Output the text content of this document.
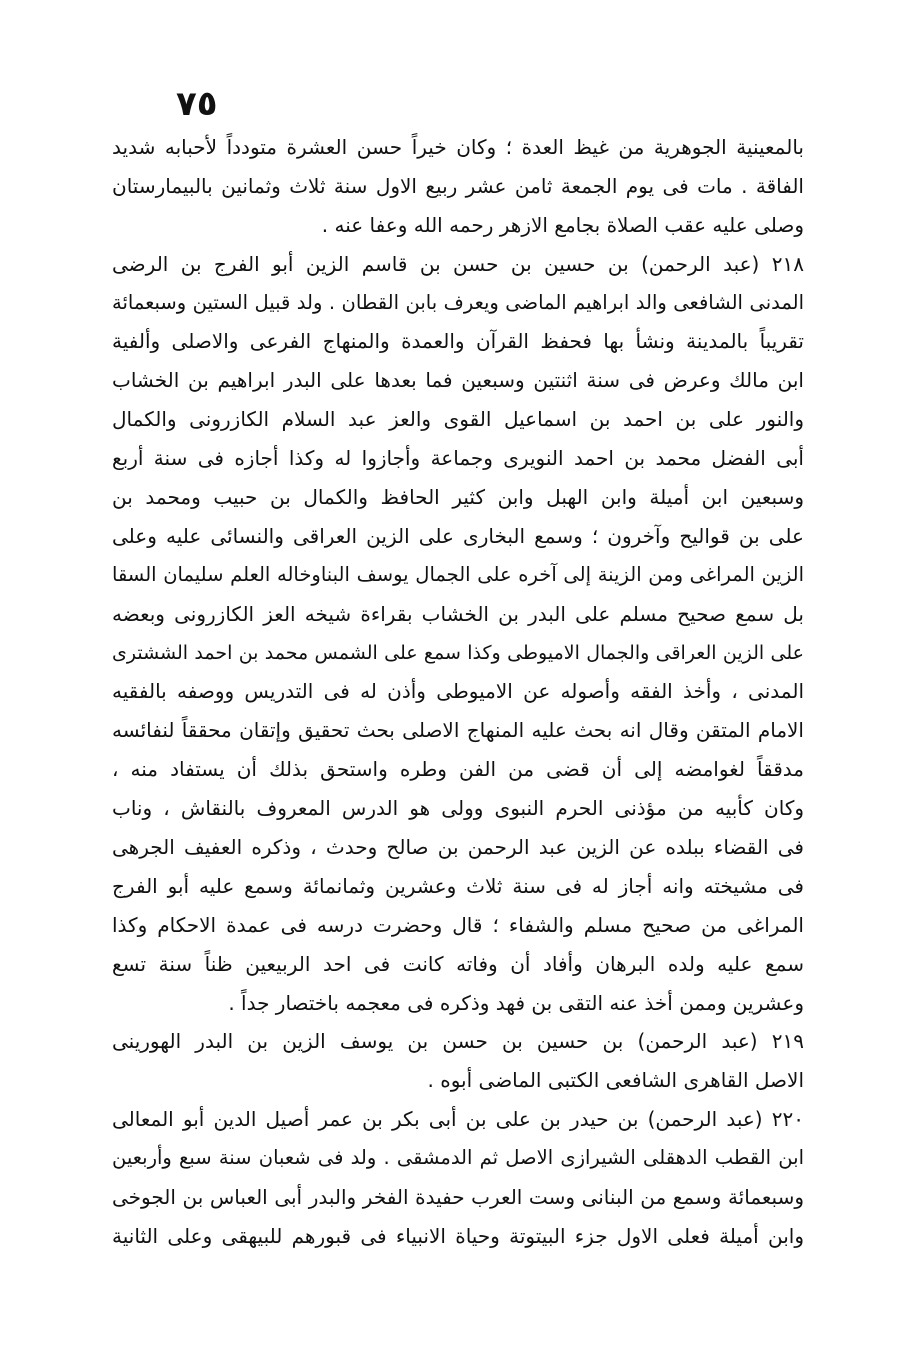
٧٥
بالمعينية الجوهرية من غيظ العدة ؛ وكان خيراً حسن العشرة متودداً لأحبابه شديد
الفاقة . مات فى يوم الجمعة ثامن عشر ربيع الاول سنة ثلاث وثمانين بالبيمارستان
وصلى عليه عقب الصلاة بجامع الازهر رحمه الله وعفا عنه .
٢١٨ (عبد الرحمن) بن حسين بن حسن بن قاسم الزين أبو الفرج بن الرضى
المدنى الشافعى والد ابراهيم الماضى ويعرف بابن القطان . ولد قبيل الستين وسبعمائة
تقريباً بالمدينة ونشأ بها فحفظ القرآن والعمدة والمنهاج الفرعى والاصلى وألفية
ابن مالك وعرض فى سنة اثنتين وسبعين فما بعدها على البدر ابراهيم بن الخشاب
والنور على بن احمد بن اسماعيل القوى والعز عبد السلام الكازرونى والكمال
أبى الفضل محمد بن احمد النويرى وجماعة وأجازوا له وكذا أجازه فى سنة أربع
وسبعين ابن أميلة وابن الهبل وابن كثير الحافظ والكمال بن حبيب ومحمد بن
على بن قواليح وآخرون ؛ وسمع البخارى على الزين العراقى والنسائى عليه وعلى
الزين المراغى ومن الزينة إلى آخره على الجمال يوسف البناوخاله العلم سليمان السقا
بل سمع صحيح مسلم على البدر بن الخشاب بقراءة شيخه العز الكازرونى وبعضه
على الزين العراقى والجمال الاميوطى وكذا سمع على الشمس محمد بن احمد الششترى
المدنى ، وأخذ الفقه وأصوله عن الاميوطى وأذن له فى التدريس ووصفه بالفقيه
الامام المتقن وقال انه بحث عليه المنهاج الاصلى بحث تحقيق وإتقان محققاً لنفائسه
مدققاً لغوامضه إلى أن قضى من الفن وطره واستحق بذلك أن يستفاد منه ،
وكان كأبيه من مؤذنى الحرم النبوى وولى هو الدرس المعروف بالنقاش ، وناب
فى القضاء ببلده عن الزين عبد الرحمن بن صالح وحدث ، وذكره العفيف الجرهى
فى مشيخته وانه أجاز له فى سنة ثلاث وعشرين وثمانمائة وسمع عليه أبو الفرج
المراغى من صحيح مسلم والشفاء ؛ قال وحضرت درسه فى عمدة الاحكام وكذا
سمع عليه ولده البرهان وأفاد أن وفاته كانت فى احد الربيعين ظناً سنة تسع
وعشرين وممن أخذ عنه التقى بن فهد وذكره فى معجمه باختصار جداً .
٢١٩ (عبد الرحمن) بن حسين بن حسن بن يوسف الزين بن البدر الهورينى
الاصل القاهرى الشافعى الكتبى الماضى أبوه .
٢٢٠ (عبد الرحمن) بن حيدر بن على بن أبى بكر بن عمر أصيل الدين أبو المعالى
ابن القطب الدهقلى الشيرازى الاصل ثم الدمشقى . ولد فى شعبان سنة سبع وأربعين
وسبعمائة وسمع من البنانى وست العرب حفيدة الفخر والبدر أبى العباس بن الجوخى
وابن أميلة فعلى الاول جزء البيتوتة وحياة الانبياء فى قبورهم للبيهقى وعلى الثانية
